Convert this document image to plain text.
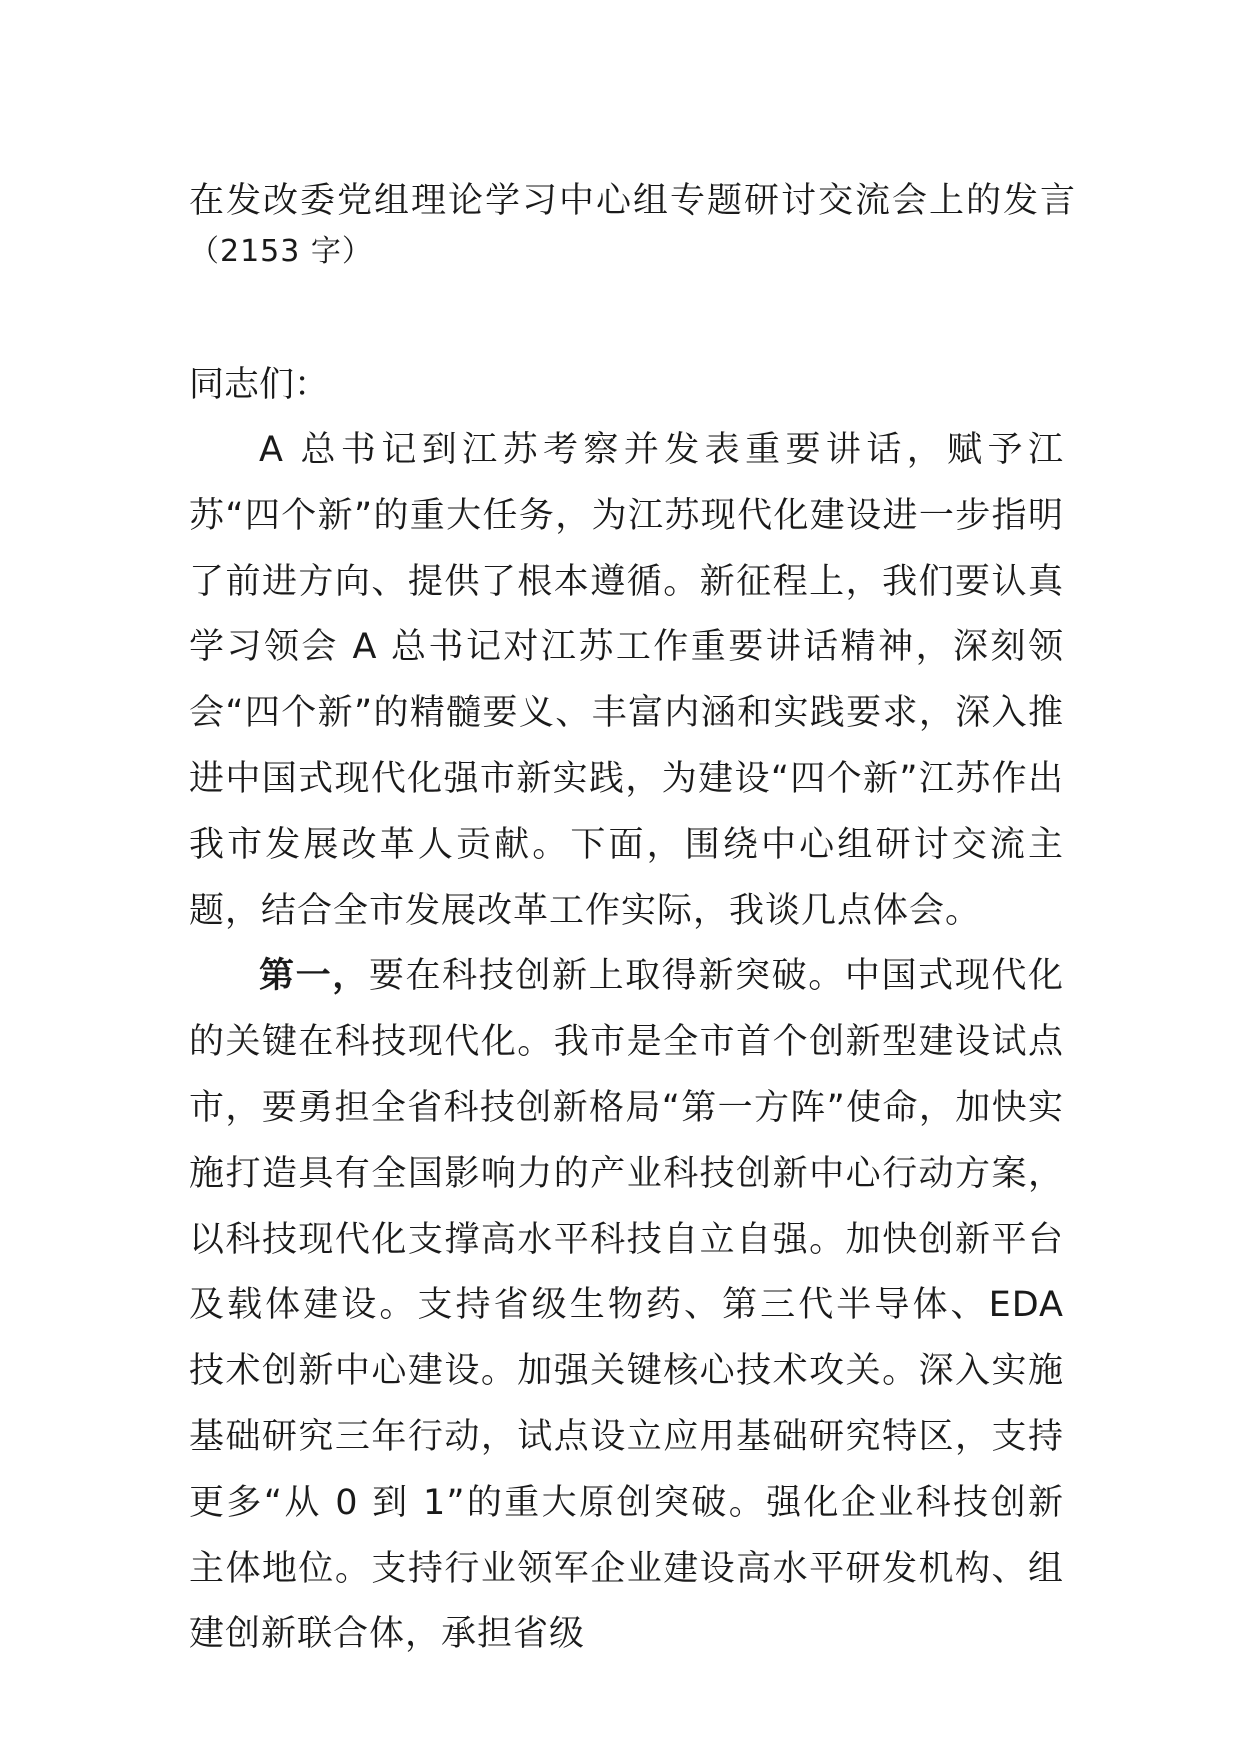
在发改委党组理论学习中心组专题研讨交流会上的发言

（2153 字）

同志们：

A 总书记到江苏考察并发表重要讲话，赋予江苏“四个新”的重大任务，为江苏现代化建设进一步指明了前进方向、提供了根本遵循。新征程上，我们要认真学习领会 A 总书记对江苏工作重要讲话精神，深刻领会“四个新”的精髓要义、丰富内涵和实践要求，深入推进中国式现代化强市新实践，为建设“四个新”江苏作出我市发展改革人贡献。下面，围绕中心组研讨交流主题，结合全市发展改革工作实际，我谈几点体会。

第一，要在科技创新上取得新突破。中国式现代化的关键在科技现代化。我市是全市首个创新型建设试点市，要勇担全省科技创新格局“第一方阵”使命，加快实施打造具有全国影响力的产业科技创新中心行动方案，以科技现代化支撑高水平科技自立自强。加快创新平台及载体建设。支持省级生物药、第三代半导体、EDA 技术创新中心建设。加强关键核心技术攻关。深入实施基础研究三年行动，试点设立应用基础研究特区，支持更多“从 0 到 1”的重大原创突破。强化企业科技创新主体地位。支持行业领军企业建设高水平研发机构、组建创新联合体，承担省级
